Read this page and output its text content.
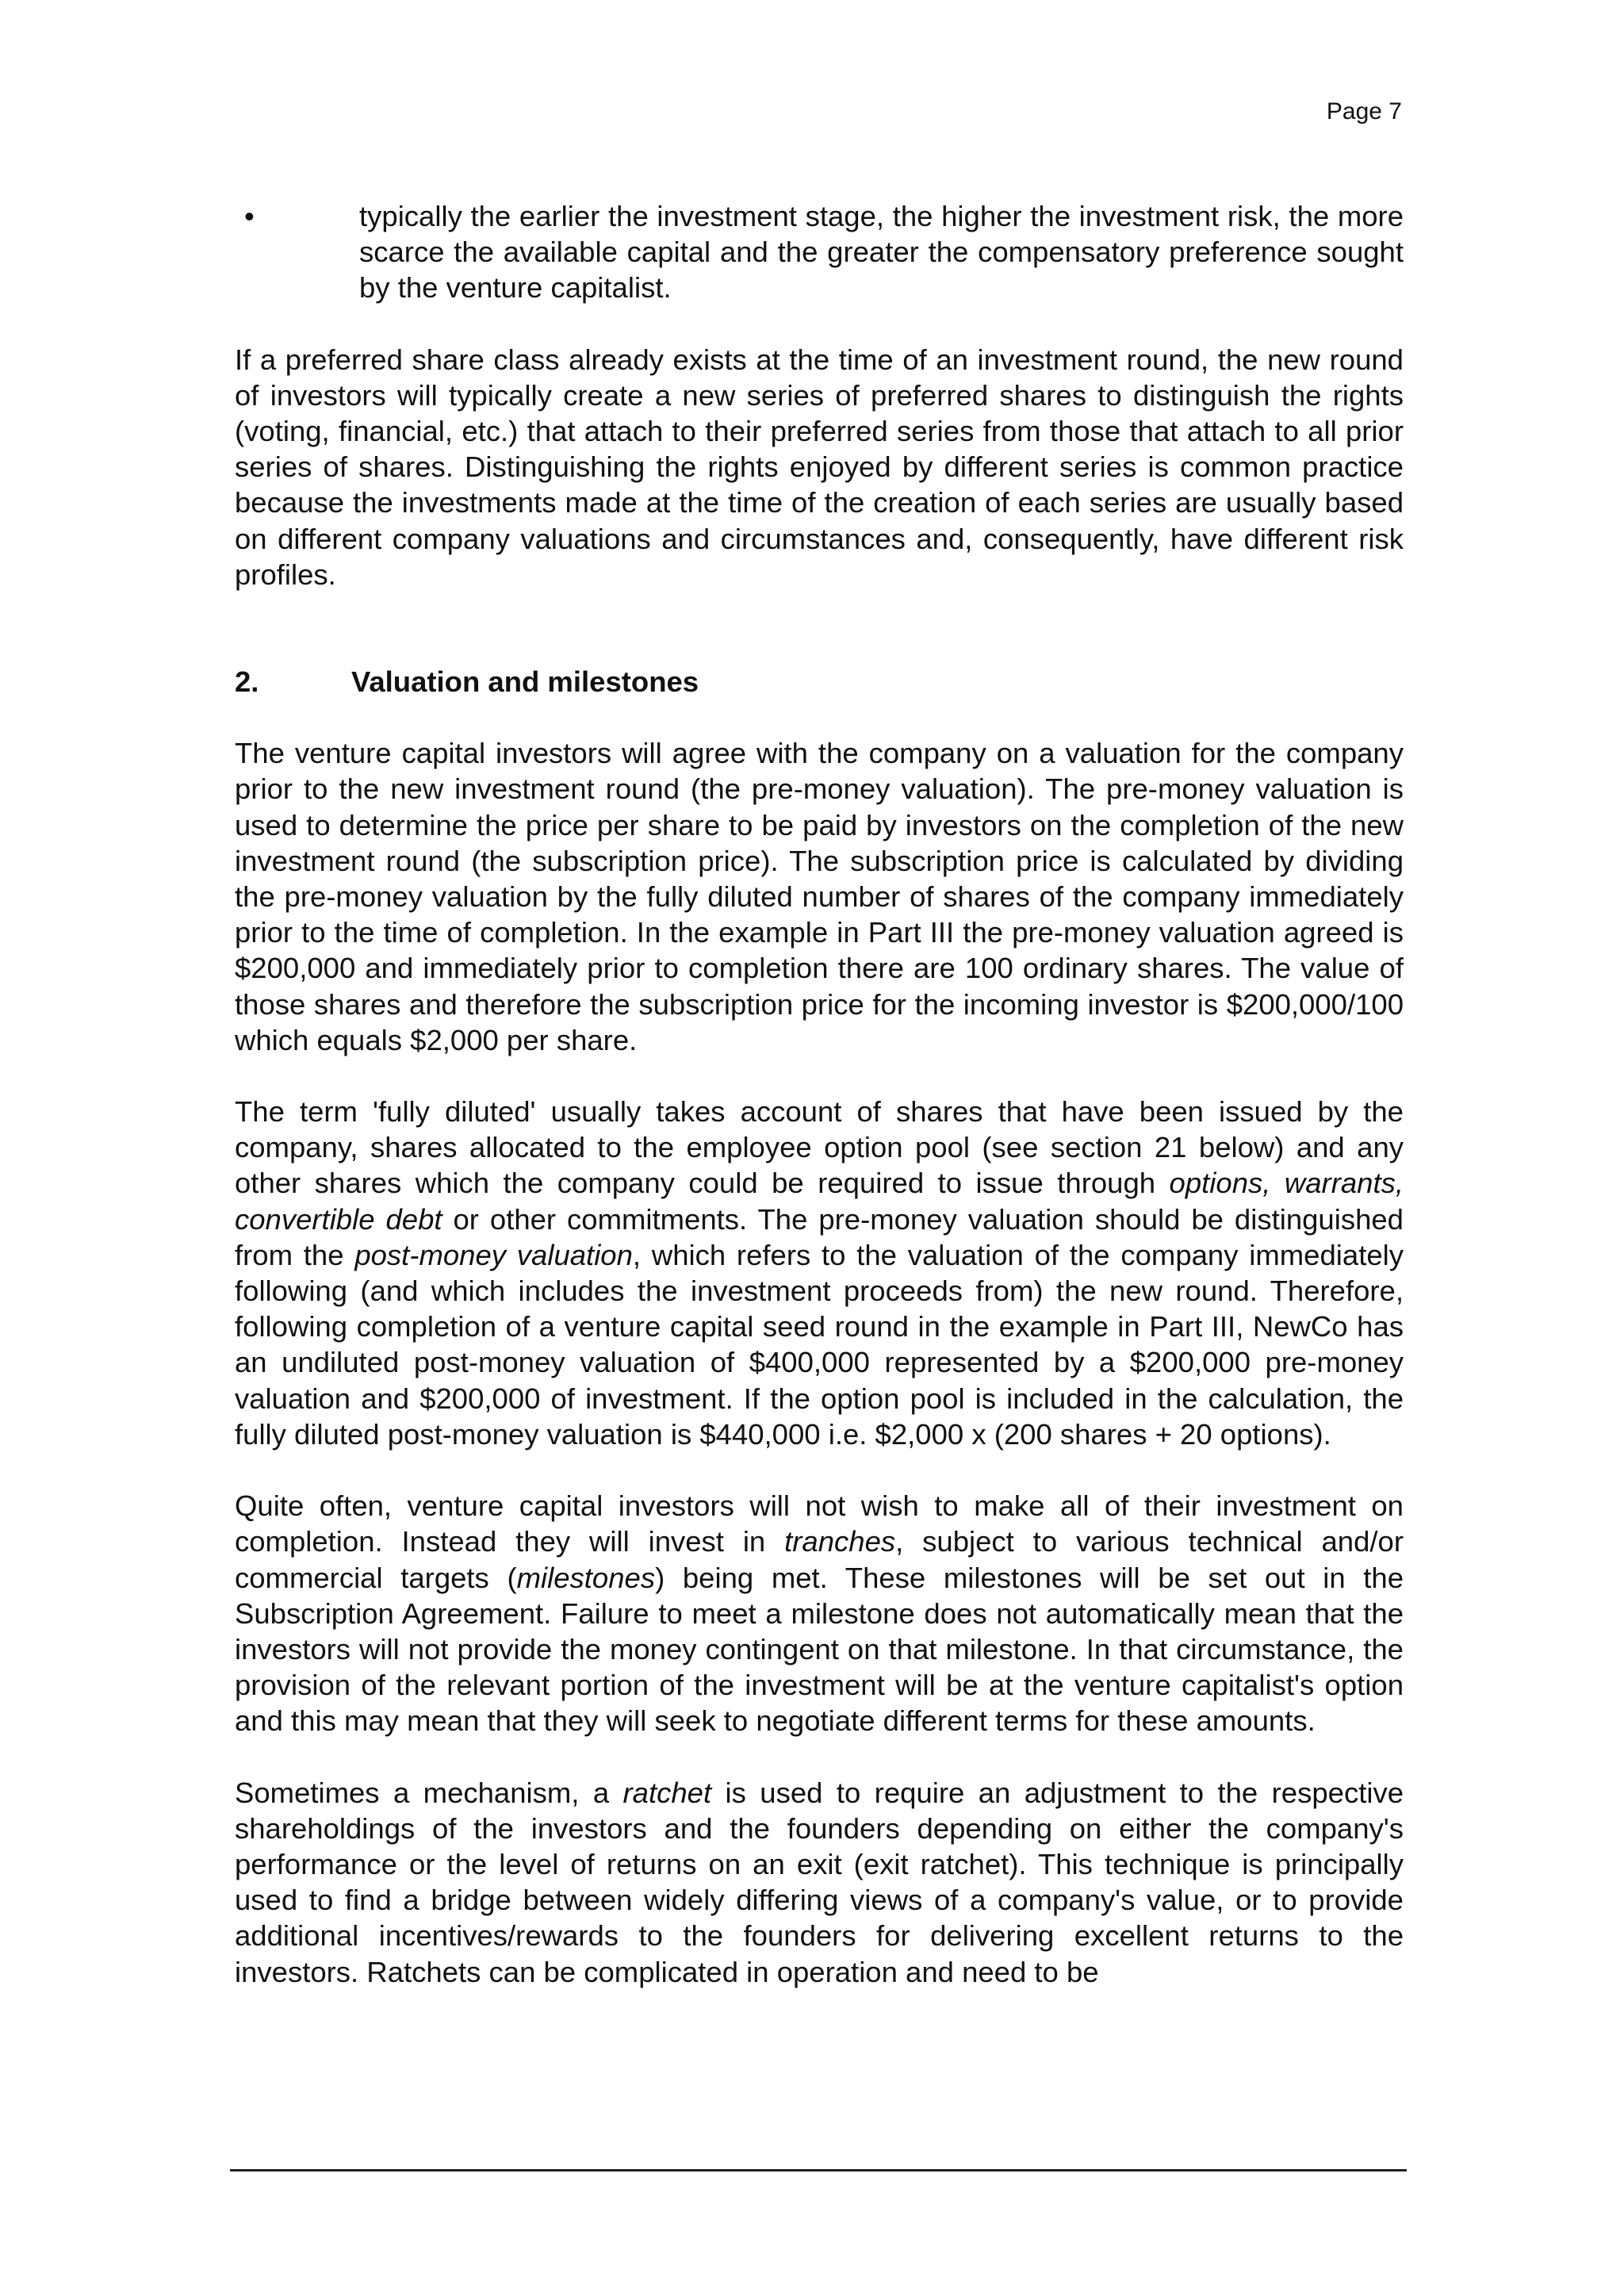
Page 7
•	typically the earlier the investment stage, the higher the investment risk, the more scarce the available capital and the greater the compensatory preference sought by the venture capitalist.

If a preferred share class already exists at the time of an investment round, the new round of investors will typically create a new series of preferred shares to distinguish the rights (voting, financial, etc.) that attach to their preferred series from those that attach to all prior series of shares. Distinguishing the rights enjoyed by different series is common practice because the investments made at the time of the creation of each series are usually based on different company valuations and circumstances and, consequently, have different risk profiles.

2.	Valuation and milestones

The venture capital investors will agree with the company on a valuation for the company prior to the new investment round (the pre-money valuation). The pre-money valuation is used to determine the price per share to be paid by investors on the completion of the new investment round (the subscription price). The subscription price is calculated by dividing the pre-money valuation by the fully diluted number of shares of the company immediately prior to the time of completion. In the example in Part III the pre-money valuation agreed is $200,000 and immediately prior to completion there are 100 ordinary shares. The value of those shares and therefore the subscription price for the incoming investor is $200,000/100 which equals $2,000 per share.

The term 'fully diluted' usually takes account of shares that have been issued by the company, shares allocated to the employee option pool (see section 21 below) and any other shares which the company could be required to issue through options, warrants, convertible debt or other commitments. The pre-money valuation should be distinguished from the post-money valuation, which refers to the valuation of the company immediately following (and which includes the investment proceeds from) the new round. Therefore, following completion of a venture capital seed round in the example in Part III, NewCo has an undiluted post-money valuation of $400,000 represented by a $200,000 pre-money valuation and $200,000 of investment. If the option pool is included in the calculation, the fully diluted post-money valuation is $440,000 i.e. $2,000 x (200 shares + 20 options).

Quite often, venture capital investors will not wish to make all of their investment on completion. Instead they will invest in tranches, subject to various technical and/or commercial targets (milestones) being met. These milestones will be set out in the Subscription Agreement. Failure to meet a milestone does not automatically mean that the investors will not provide the money contingent on that milestone. In that circumstance, the provision of the relevant portion of the investment will be at the venture capitalist's option and this may mean that they will seek to negotiate different terms for these amounts.

Sometimes a mechanism, a ratchet is used to require an adjustment to the respective shareholdings of the investors and the founders depending on either the company's performance or the level of returns on an exit (exit ratchet). This technique is principally used to find a bridge between widely differing views of a company's value, or to provide additional incentives/rewards to the founders for delivering excellent returns to the investors. Ratchets can be complicated in operation and need to be
